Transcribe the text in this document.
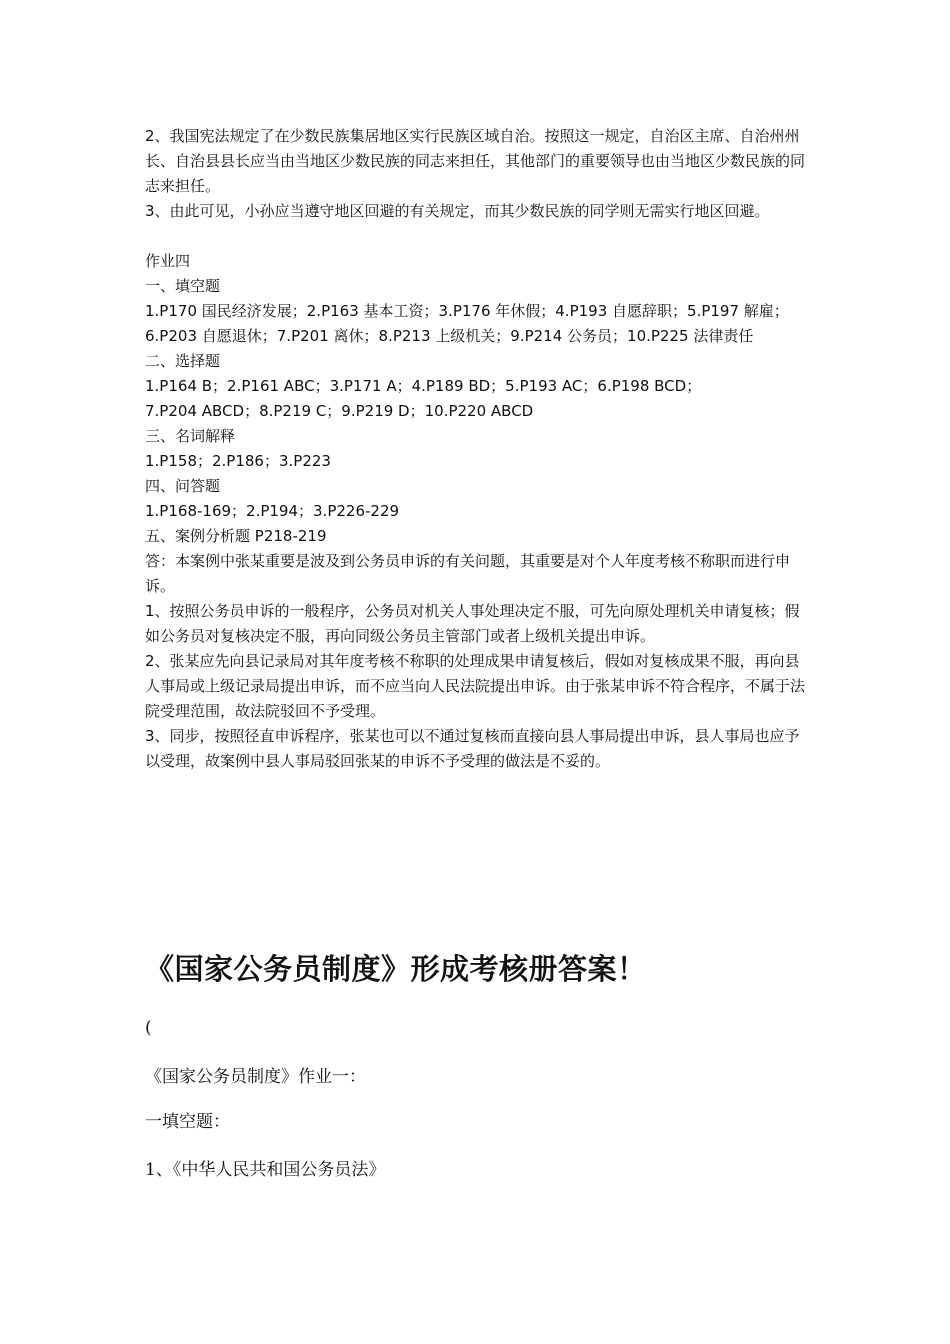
2、我国宪法规定了在少数民族集居地区实行民族区域自治。按照这一规定，自治区主席、自治州州长、自治县县长应当由当地区少数民族的同志来担任，其他部门的重要领导也由当地区少数民族的同志来担任。

3、由此可见，小孙应当遵守地区回避的有关规定，而其少数民族的同学则无需实行地区回避。

作业四

一、填空题

1.P170 国民经济发展；2.P163 基本工资；3.P176 年休假；4.P193 自愿辞职；5.P197 解雇；6.P203 自愿退休；7.P201 离休；8.P213 上级机关；9.P214 公务员；10.P225 法律责任

二、选择题

1.P164 B；2.P161 ABC；3.P171 A；4.P189 BD；5.P193 AC；6.P198 BCD；

7.P204 ABCD；8.P219 C；9.P219 D；10.P220 ABCD

三、名词解释

1.P158；2.P186；3.P223

四、问答题

1.P168-169；2.P194；3.P226-229

五、案例分析题 P218-219

答：本案例中张某重要是波及到公务员申诉的有关问题，其重要是对个人年度考核不称职而进行申诉。

1、按照公务员申诉的一般程序，公务员对机关人事处理决定不服，可先向原处理机关申请复核；假如公务员对复核决定不服，再向同级公务员主管部门或者上级机关提出申诉。

2、张某应先向县记录局对其年度考核不称职的处理成果申请复核后，假如对复核成果不服，再向县人事局或上级记录局提出申诉，而不应当向人民法院提出申诉。由于张某申诉不符合程序，不属于法院受理范围，故法院驳回不予受理。

3、同步，按照径直申诉程序，张某也可以不通过复核而直接向县人事局提出申诉，县人事局也应予以受理，故案例中县人事局驳回张某的申诉不予受理的做法是不妥的。

《国家公务员制度》形成考核册答案！

(

《国家公务员制度》作业一：

一填空题：

1、《中华人民共和国公务员法》
